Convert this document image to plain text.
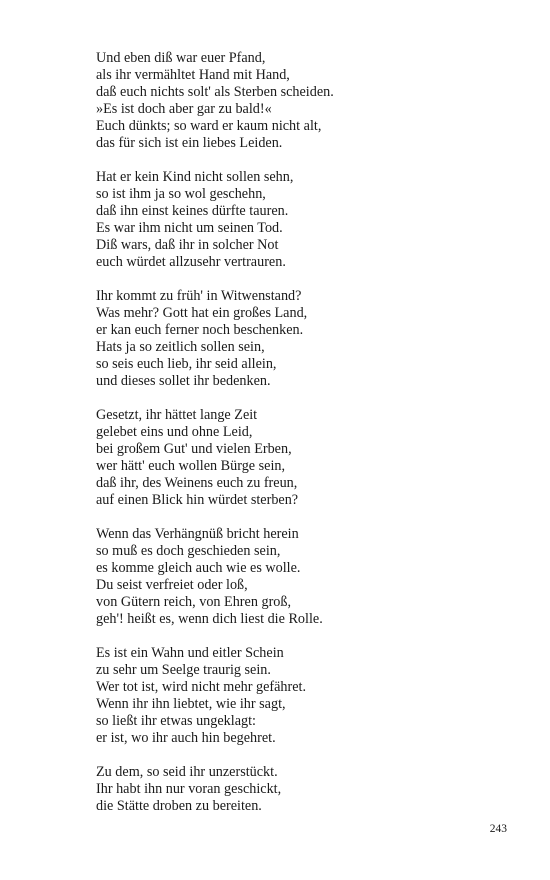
Und eben diß war euer Pfand,
als ihr vermähltet Hand mit Hand,
daß euch nichts solt' als Sterben scheiden.
»Es ist doch aber gar zu bald!«
Euch dünkts; so ward er kaum nicht alt,
das für sich ist ein liebes Leiden.
Hat er kein Kind nicht sollen sehn,
so ist ihm ja so wol geschehn,
daß ihn einst keines dürfte tauren.
Es war ihm nicht um seinen Tod.
Diß wars, daß ihr in solcher Not
euch würdet allzusehr vertrauren.
Ihr kommt zu früh' in Witwenstand?
Was mehr? Gott hat ein großes Land,
er kan euch ferner noch beschenken.
Hats ja so zeitlich sollen sein,
so seis euch lieb, ihr seid allein,
und dieses sollet ihr bedenken.
Gesetzt, ihr hättet lange Zeit
gelebet eins und ohne Leid,
bei großem Gut' und vielen Erben,
wer hätt' euch wollen Bürge sein,
daß ihr, des Weinens euch zu freun,
auf einen Blick hin würdet sterben?
Wenn das Verhängnüß bricht herein
so muß es doch geschieden sein,
es komme gleich auch wie es wolle.
Du seist verfreiet oder loß,
von Gütern reich, von Ehren groß,
geh'! heißt es, wenn dich liest die Rolle.
Es ist ein Wahn und eitler Schein
zu sehr um Seelge traurig sein.
Wer tot ist, wird nicht mehr gefähret.
Wenn ihr ihn liebtet, wie ihr sagt,
so ließt ihr etwas ungeklagt:
er ist, wo ihr auch hin begehret.
Zu dem, so seid ihr unzerstückt.
Ihr habt ihn nur voran geschickt,
die Stätte droben zu bereiten.
243
